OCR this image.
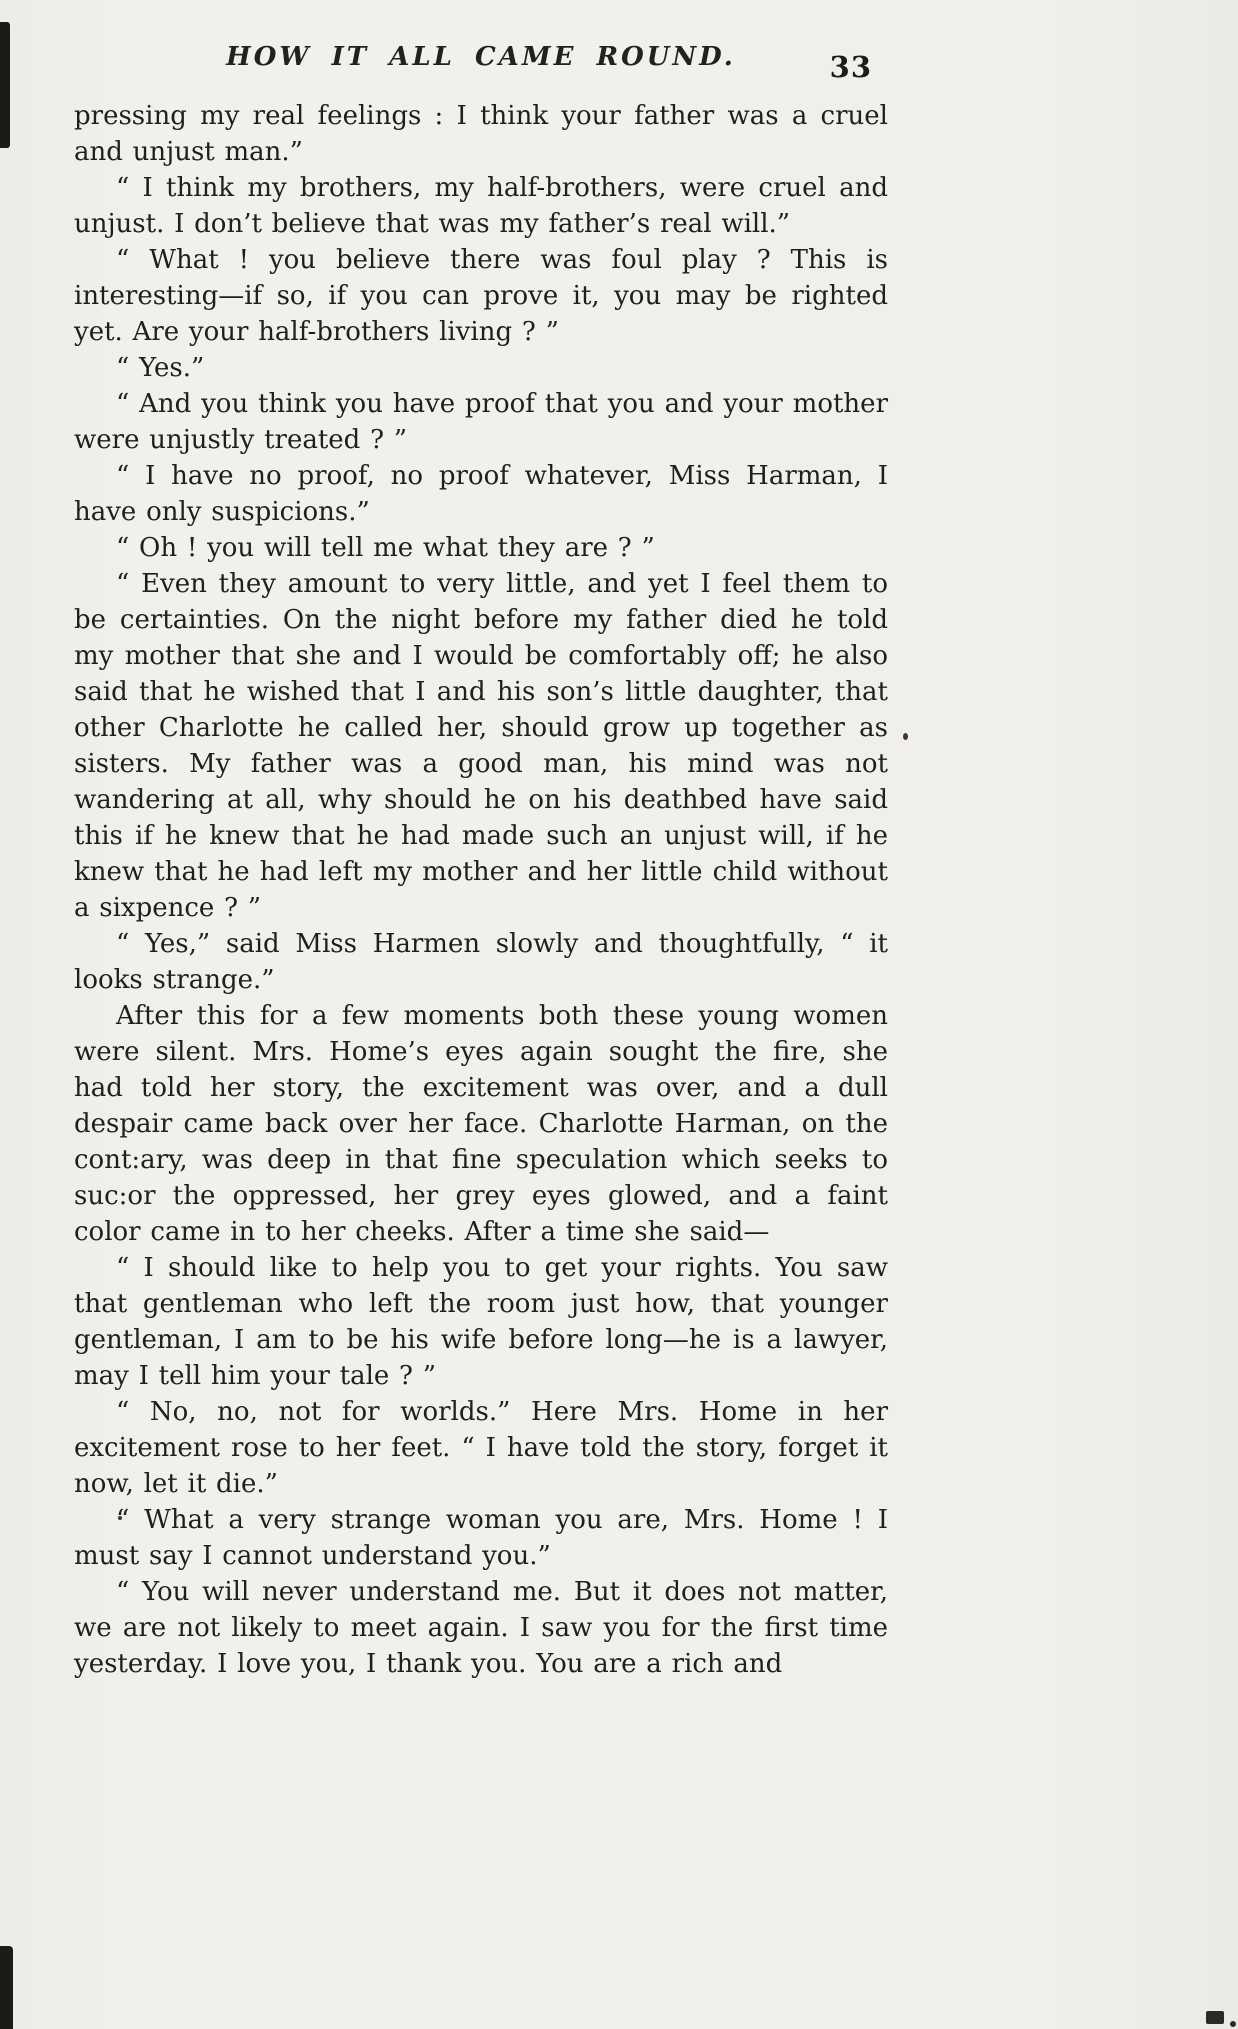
HOW IT ALL CAME ROUND.	33

pressing my real feelings : I think your father was a cruel and unjust man.”

“ I think my brothers, my half-brothers, were cruel and unjust. I don’t believe that was my father’s real will.”

“ What ! you believe there was foul play ? This is interesting—if so, if you can prove it, you may be righted yet. Are your half-brothers living ? ”

“ Yes.”

“ And you think you have proof that you and your mother were unjustly treated ? ”

“ I have no proof, no proof whatever, Miss Harman, I have only suspicions.”

“ Oh ! you will tell me what they are ? ”

“ Even they amount to very little, and yet I feel them to be certainties. On the night before my father died he told my mother that she and I would be comfortably off; he also said that he wished that I and his son’s little daughter, that other Charlotte he called her, should grow up together as sisters. My father was a good man, his mind was not wandering at all, why should he on his deathbed have said this if he knew that he had made such an unjust will, if he knew that he had left my mother and her little child without a sixpence ? ”

“ Yes,” said Miss Harmen slowly and thoughtfully, “ it looks strange.”

After this for a few moments both these young women were silent. Mrs. Home’s eyes again sought the fire, she had told her story, the excitement was over, and a dull despair came back over her face. Charlotte Harman, on the cont:ary, was deep in that fine speculation which seeks to suc:or the oppressed, her grey eyes glowed, and a faint color came in to her cheeks. After a time she said—

“ I should like to help you to get your rights. You saw that gentleman who left the room just how, that younger gentleman, I am to be his wife before long—he is a lawyer, may I tell him your tale ? ”

“ No, no, not for worlds.” Here Mrs. Home in her excitement rose to her feet. “ I have told the story, forget it now, let it die.”

“ What a very strange woman you are, Mrs. Home ! I must say I cannot understand you.”

“ You will never understand me. But it does not matter, we are not likely to meet again. I saw you for the first time yesterday. I love you, I thank you. You are a rich and
